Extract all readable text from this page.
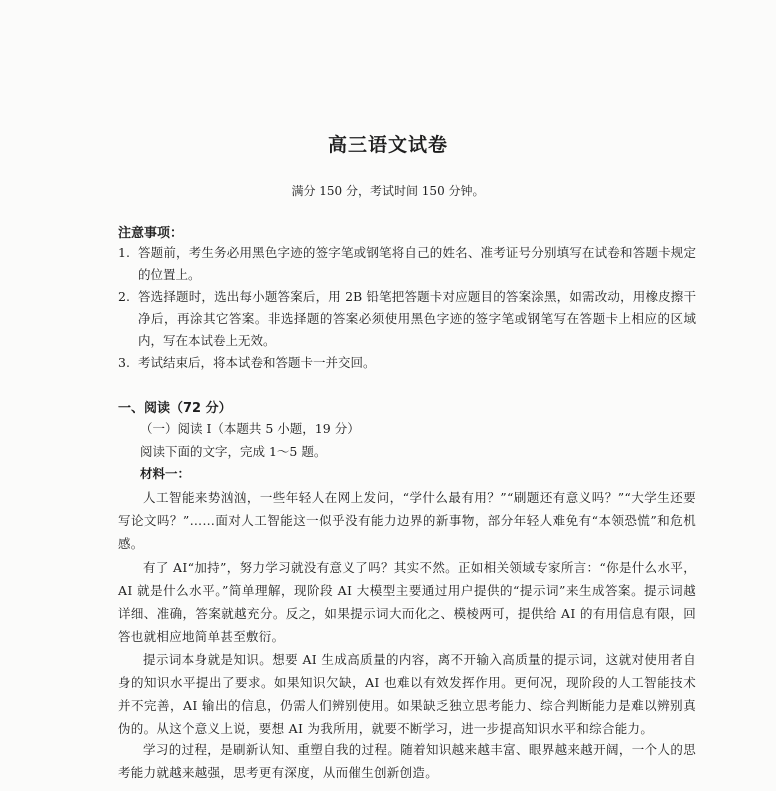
高三语文试卷
满分 150 分，考试时间 150 分钟。
注意事项：
1. 答题前，考生务必用黑色字迹的签字笔或钢笔将自己的姓名、准考证号分别填写在试卷和答题卡规定的位置上。
2. 答选择题时，选出每小题答案后，用 2B 铅笔把答题卡对应题目的答案涂黑，如需改动，用橡皮擦干净后，再涂其它答案。非选择题的答案必须使用黑色字迹的签字笔或钢笔写在答题卡上相应的区域内，写在本试卷上无效。
3. 考试结束后，将本试卷和答题卡一并交回。
一、阅读（72 分）
（一）阅读 Ⅰ（本题共 5 小题，19 分）
阅读下面的文字，完成 1～5 题。
材料一：
人工智能来势汹汹，一些年轻人在网上发问，“学什么最有用？”“刷题还有意义吗？”“大学生还要写论文吗？”……面对人工智能这一似乎没有能力边界的新事物，部分年轻人难免有“本领恐慌”和危机感。
有了 AI“加持”，努力学习就没有意义了吗？其实不然。正如相关领域专家所言：“你是什么水平，AI 就是什么水平。”简单理解，现阶段 AI 大模型主要通过用户提供的“提示词”来生成答案。提示词越详细、准确，答案就越充分。反之，如果提示词大而化之、模棱两可，提供给 AI 的有用信息有限，回答也就相应地简单甚至敷衍。
提示词本身就是知识。想要 AI 生成高质量的内容，离不开输入高质量的提示词，这就对使用者自身的知识水平提出了要求。如果知识欠缺，AI 也难以有效发挥作用。更何况，现阶段的人工智能技术并不完善，AI 输出的信息，仍需人们辨别使用。如果缺乏独立思考能力、综合判断能力是难以辨别真伪的。从这个意义上说，要想 AI 为我所用，就要不断学习，进一步提高知识水平和综合能力。
学习的过程，是刷新认知、重塑自我的过程。随着知识越来越丰富、眼界越来越开阔，一个人的思考能力就越来越强，思考更有深度，从而催生创新创造。
